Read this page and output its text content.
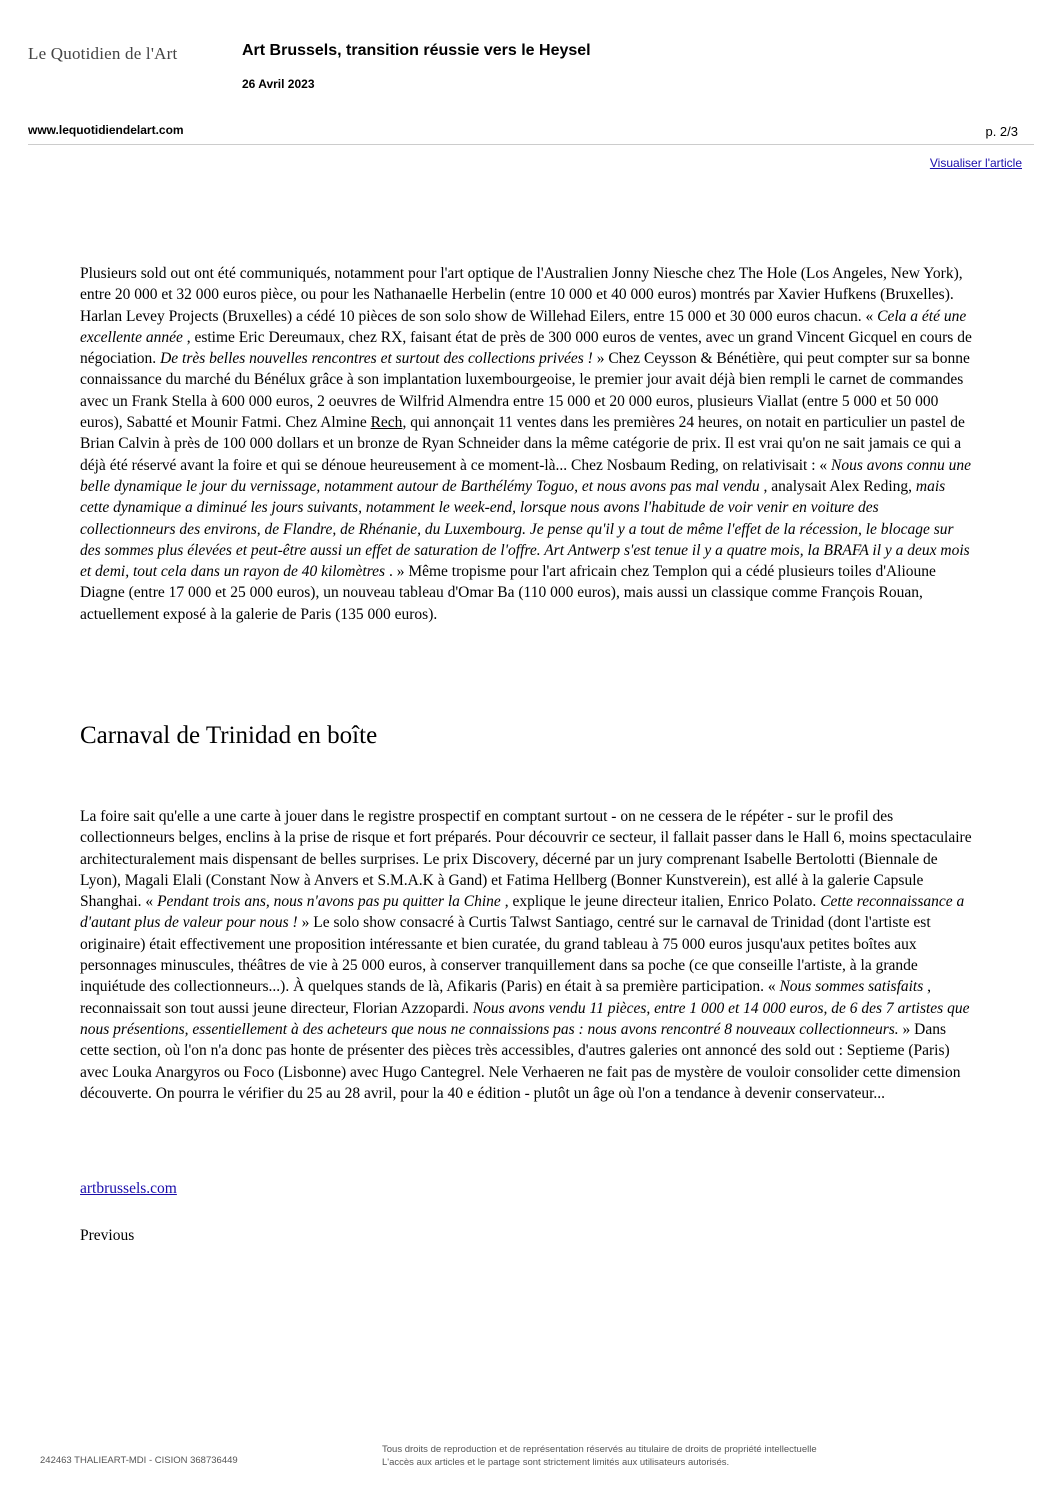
Le Quotidien de l'Art	Art Brussels, transition réussie vers le Heysel
26 Avril 2023
www.lequotidiendelart.com	p. 2/3
Visualiser l'article

Plusieurs sold out ont été communiqués, notamment pour l'art optique de l'Australien Jonny Niesche chez The Hole (Los Angeles, New York), entre 20 000 et 32 000 euros pièce, ou pour les Nathanaelle Herbelin (entre 10 000 et 40 000 euros) montrés par Xavier Hufkens (Bruxelles). Harlan Levey Projects (Bruxelles) a cédé 10 pièces de son solo show de Willehad Eilers, entre 15 000 et 30 000 euros chacun. « Cela a été une excellente année , estime Eric Dereumaux, chez RX, faisant état de près de 300 000 euros de ventes, avec un grand Vincent Gicquel en cours de négociation. De très belles nouvelles rencontres et surtout des collections privées ! » Chez Ceysson & Bénétière, qui peut compter sur sa bonne connaissance du marché du Bénélux grâce à son implantation luxembourgeoise, le premier jour avait déjà bien rempli le carnet de commandes avec un Frank Stella à 600 000 euros, 2 oeuvres de Wilfrid Almendra entre 15 000 et 20 000 euros, plusieurs Viallat (entre 5 000 et 50 000 euros), Sabatté et Mounir Fatmi. Chez Almine Rech, qui annonçait 11 ventes dans les premières 24 heures, on notait en particulier un pastel de Brian Calvin à près de 100 000 dollars et un bronze de Ryan Schneider dans la même catégorie de prix. Il est vrai qu'on ne sait jamais ce qui a déjà été réservé avant la foire et qui se dénoue heureusement à ce moment-là... Chez Nosbaum Reding, on relativisait : « Nous avons connu une belle dynamique le jour du vernissage, notamment autour de Barthélémy Toguo, et nous avons pas mal vendu , analysait Alex Reding, mais cette dynamique a diminué les jours suivants, notamment le week-end, lorsque nous avons l'habitude de voir venir en voiture des collectionneurs des environs, de Flandre, de Rhénanie, du Luxembourg. Je pense qu'il y a tout de même l'effet de la récession, le blocage sur des sommes plus élevées et peut-être aussi un effet de saturation de l'offre. Art Antwerp s'est tenue il y a quatre mois, la BRAFA il y a deux mois et demi, tout cela dans un rayon de 40 kilomètres . » Même tropisme pour l'art africain chez Templon qui a cédé plusieurs toiles d'Alioune Diagne (entre 17 000 et 25 000 euros), un nouveau tableau d'Omar Ba (110 000 euros), mais aussi un classique comme François Rouan, actuellement exposé à la galerie de Paris (135 000 euros).

Carnaval de Trinidad en boîte

La foire sait qu'elle a une carte à jouer dans le registre prospectif en comptant surtout - on ne cessera de le répéter - sur le profil des collectionneurs belges, enclins à la prise de risque et fort préparés. Pour découvrir ce secteur, il fallait passer dans le Hall 6, moins spectaculaire architecturalement mais dispensant de belles surprises. Le prix Discovery, décerné par un jury comprenant Isabelle Bertolotti (Biennale de Lyon), Magali Elali (Constant Now à Anvers et S.M.A.K à Gand) et Fatima Hellberg (Bonner Kunstverein), est allé à la galerie Capsule Shanghai. « Pendant trois ans, nous n'avons pas pu quitter la Chine , explique le jeune directeur italien, Enrico Polato. Cette reconnaissance a d'autant plus de valeur pour nous ! » Le solo show consacré à Curtis Talwst Santiago, centré sur le carnaval de Trinidad (dont l'artiste est originaire) était effectivement une proposition intéressante et bien curatée, du grand tableau à 75 000 euros jusqu'aux petites boîtes aux personnages minuscules, théâtres de vie à 25 000 euros, à conserver tranquillement dans sa poche (ce que conseille l'artiste, à la grande inquiétude des collectionneurs...). À quelques stands de là, Afikaris (Paris) en était à sa première participation. « Nous sommes satisfaits , reconnaissait son tout aussi jeune directeur, Florian Azzopardi. Nous avons vendu 11 pièces, entre 1 000 et 14 000 euros, de 6 des 7 artistes que nous présentions, essentiellement à des acheteurs que nous ne connaissions pas : nous avons rencontré 8 nouveaux collectionneurs. » Dans cette section, où l'on n'a donc pas honte de présenter des pièces très accessibles, d'autres galeries ont annoncé des sold out : Septieme (Paris) avec Louka Anargyros ou Foco (Lisbonne) avec Hugo Cantegrel. Nele Verhaeren ne fait pas de mystère de vouloir consolider cette dimension découverte. On pourra le vérifier du 25 au 28 avril, pour la 40 e édition - plutôt un âge où l'on a tendance à devenir conservateur...

artbrussels.com
Previous
242463 THALIEART-MDI - CISION 368736449
Tous droits de reproduction et de représentation réservés au titulaire de droits de propriété intellectuelle
L'accès aux articles et le partage sont strictement limités aux utilisateurs autorisés.
